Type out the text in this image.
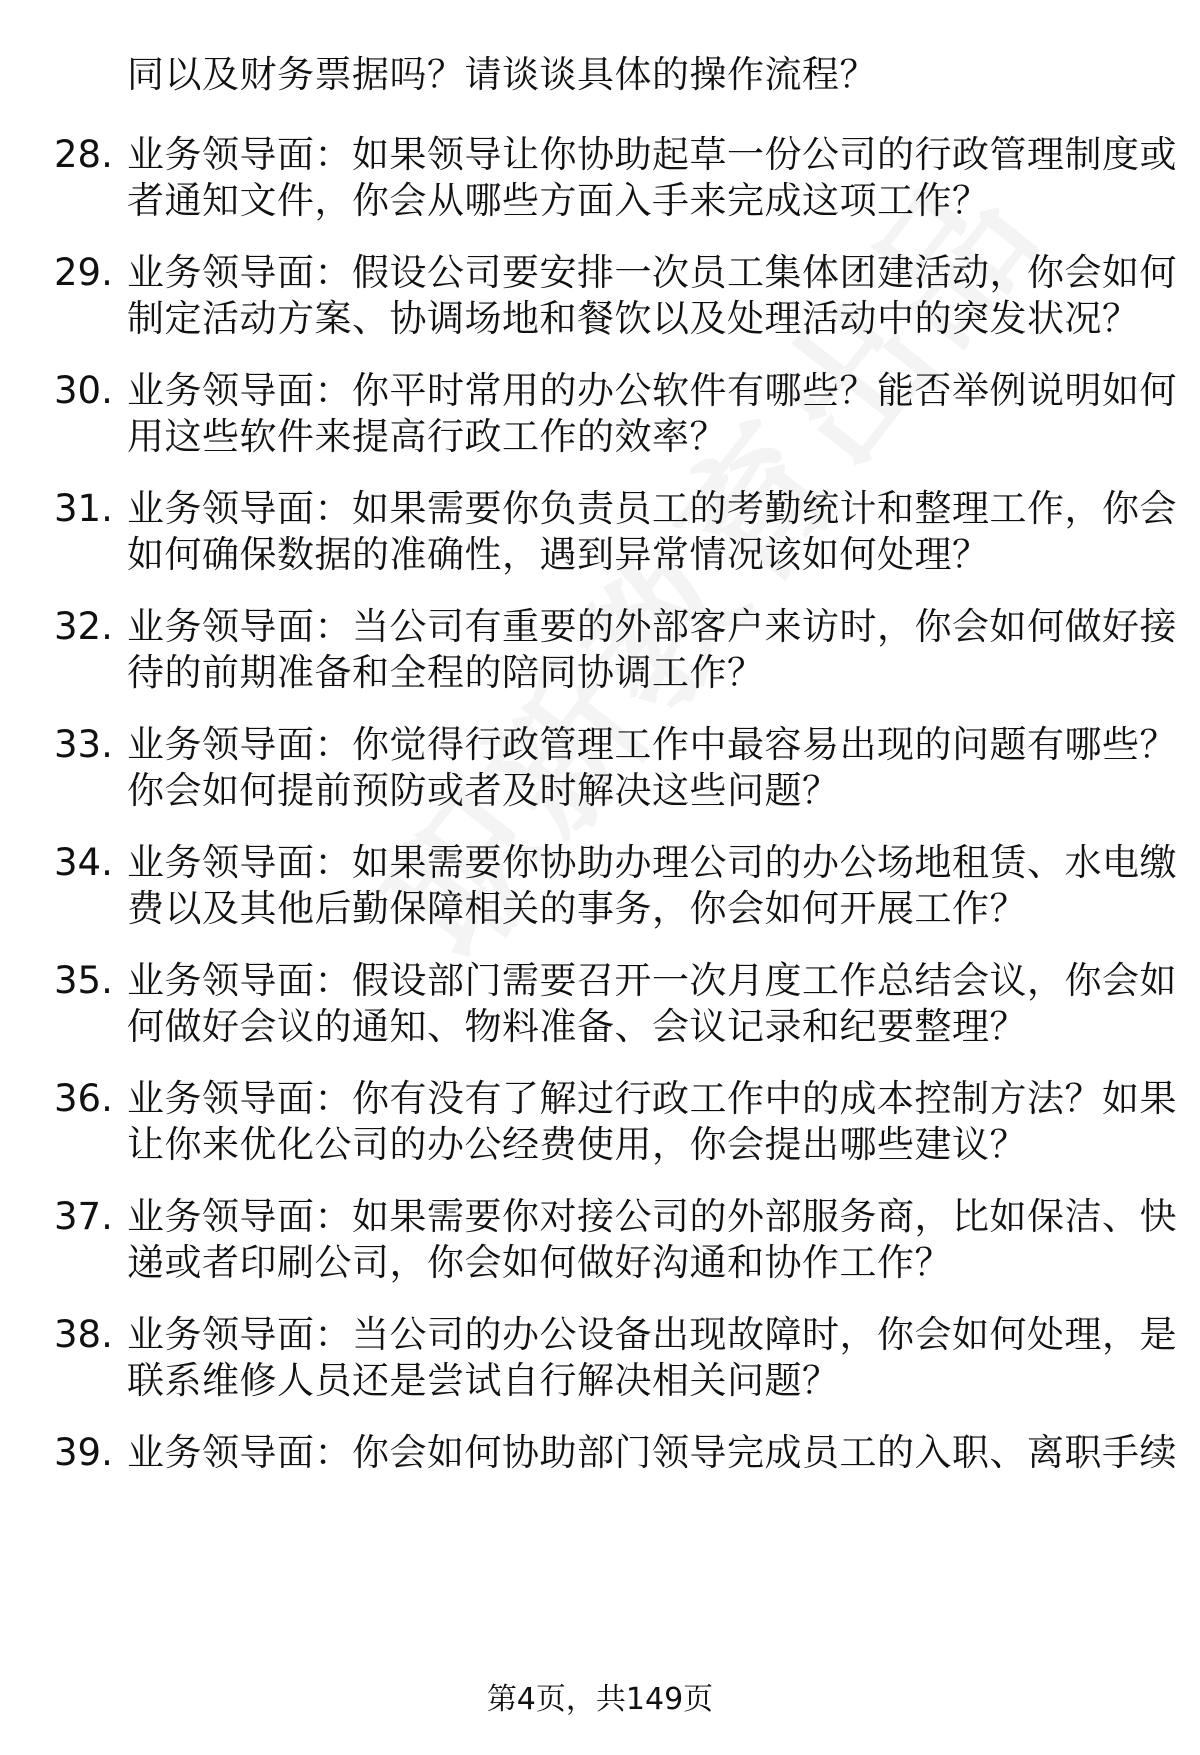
同以及财务票据吗？请谈谈具体的操作流程？
28. 业务领导面：如果领导让你协助起草一份公司的行政管理制度或
者通知文件，你会从哪些方面入手来完成这项工作？
29. 业务领导面：假设公司要安排一次员工集体团建活动，你会如何
制定活动方案、协调场地和餐饮以及处理活动中的突发状况？
30. 业务领导面：你平时常用的办公软件有哪些？能否举例说明如何
用这些软件来提高行政工作的效率？
31. 业务领导面：如果需要你负责员工的考勤统计和整理工作，你会
如何确保数据的准确性，遇到异常情况该如何处理？
32. 业务领导面：当公司有重要的外部客户来访时，你会如何做好接
待的前期准备和全程的陪同协调工作？
33. 业务领导面：你觉得行政管理工作中最容易出现的问题有哪些？
你会如何提前预防或者及时解决这些问题？
34. 业务领导面：如果需要你协助办理公司的办公场地租赁、水电缴
费以及其他后勤保障相关的事务，你会如何开展工作？
35. 业务领导面：假设部门需要召开一次月度工作总结会议，你会如
何做好会议的通知、物料准备、会议记录和纪要整理？
36. 业务领导面：你有没有了解过行政工作中的成本控制方法？如果
让你来优化公司的办公经费使用，你会提出哪些建议？
37. 业务领导面：如果需要你对接公司的外部服务商，比如保洁、快
递或者印刷公司，你会如何做好沟通和协作工作？
38. 业务领导面：当公司的办公设备出现故障时，你会如何处理，是
联系维修人员还是尝试自行解决相关问题？
39. 业务领导面：你会如何协助部门领导完成员工的入职、离职手续
第4页，共149页
